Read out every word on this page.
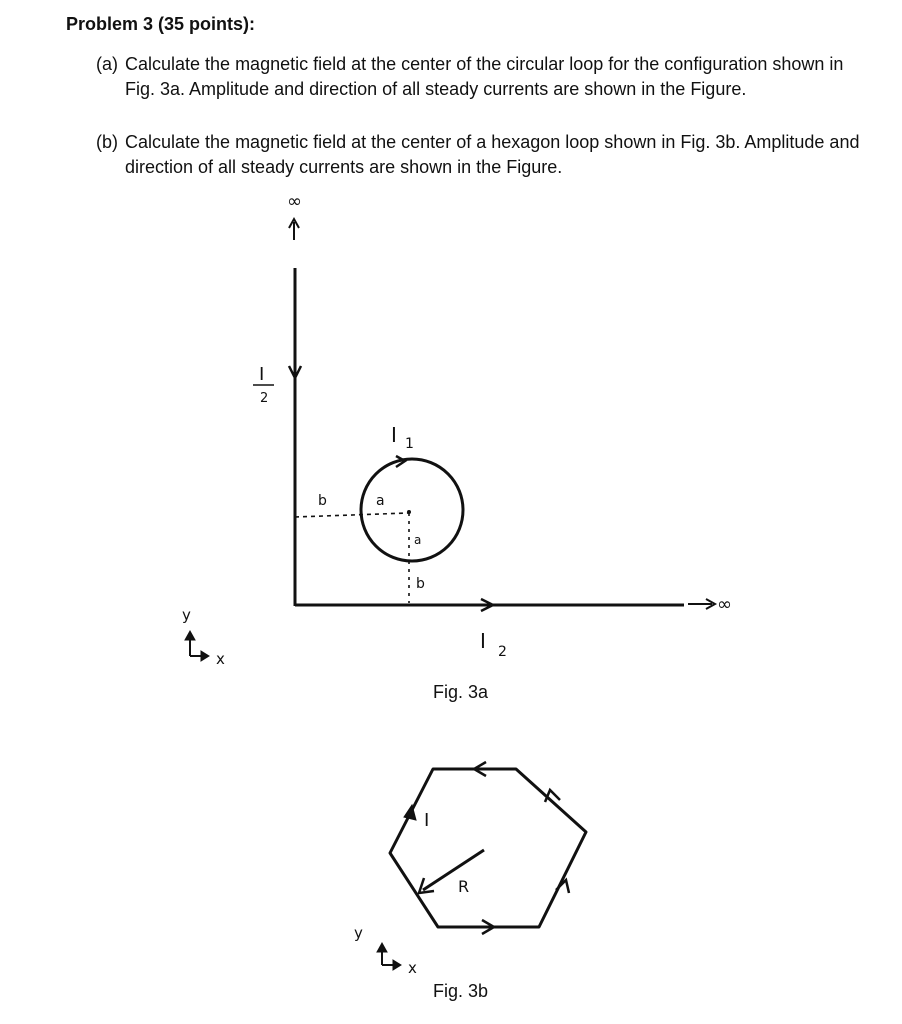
Problem 3 (35 points):
(a) Calculate the magnetic field at the center of the circular loop for the configuration shown in Fig. 3a. Amplitude and direction of all steady currents are shown in the Figure.
(b) Calculate the magnetic field at the center of a hexagon loop shown in Fig. 3b. Amplitude and direction of all steady currents are shown in the Figure.
∞
∞
I
2
I 1
I 2
b	a
a
b
y
x
I
R
y
x
Fig. 3a
Fig. 3b
